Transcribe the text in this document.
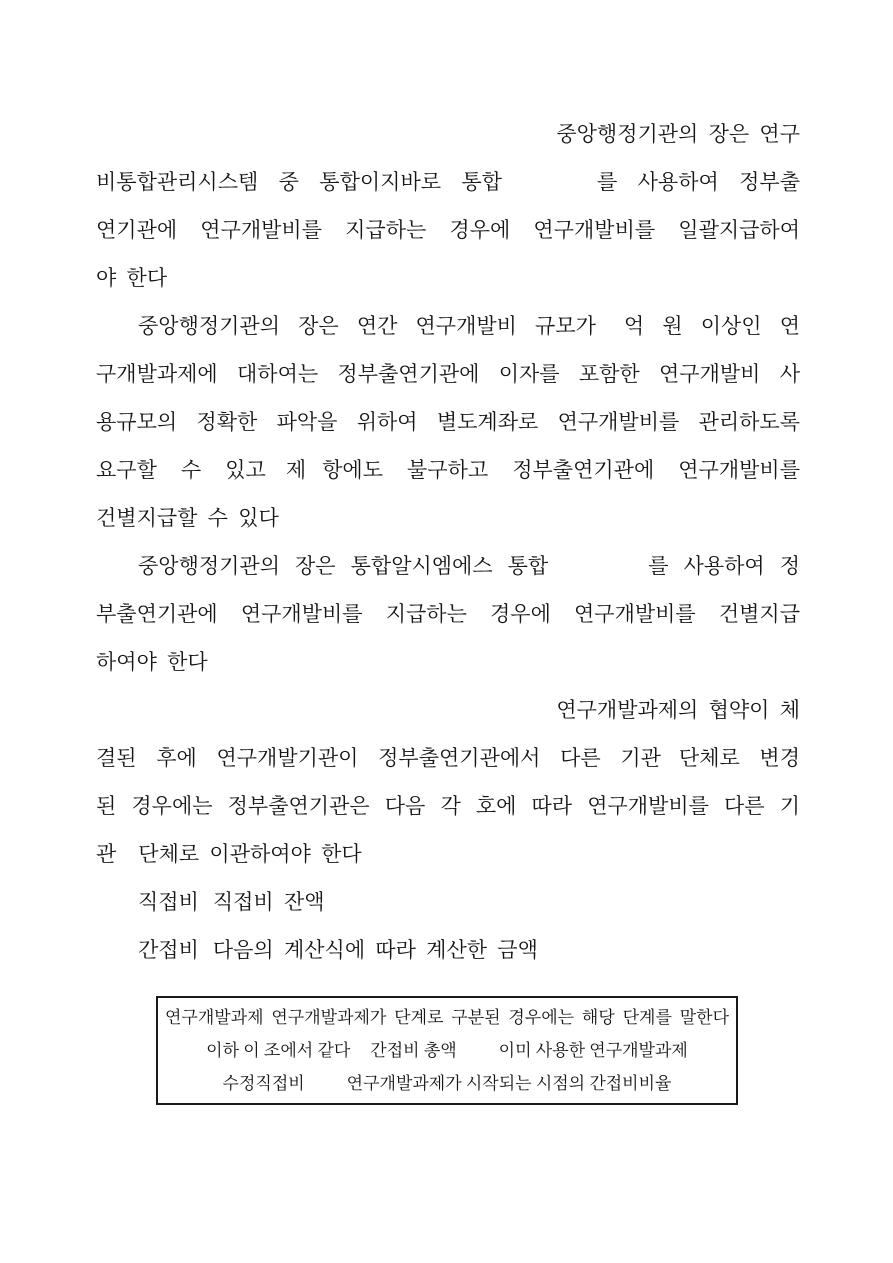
중앙행정기관의 장은 연구
비통합관리시스템 중 통합이지바로 통합	를 사용하여 정부출
연기관에 연구개발비를 지급하는 경우에 연구개발비를 일괄지급하여
야 한다
중앙행정기관의 장은 연간 연구개발비 규모가 억 원 이상인 연
구개발과제에 대하여는 정부출연기관에 이자를 포함한 연구개발비 사
용규모의 정확한 파악을 위하여 별도계좌로 연구개발비를 관리하도록
요구할 수 있고 제 항에도 불구하고 정부출연기관에 연구개발비를
건별지급할 수 있다
중앙행정기관의 장은 통합알시엠에스 통합	를 사용하여 정
부출연기관에 연구개발비를 지급하는 경우에 연구개발비를 건별지급
하여야 한다
연구개발과제의 협약이 체
결된 후에 연구개발기관이 정부출연기관에서 다른 기관 단체로 변경
된 경우에는 정부출연기관은 다음 각 호에 따라 연구개발비를 다른 기
관 단체로 이관하여야 한다
직접비 직접비 잔액
간접비 다음의 계산식에 따라 계산한 금액
연구개발과제 연구개발과제가 단계로 구분된 경우에는 해당 단계를 말한다
이하 이 조에서 같다 간접비 총액 이미 사용한 연구개발과제
수정직접비 연구개발과제가 시작되는 시점의 간접비비율
